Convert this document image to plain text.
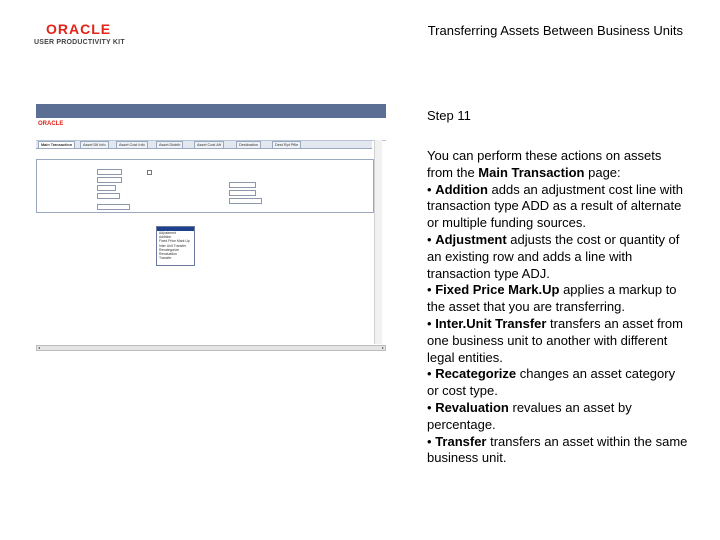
ORACLE
USER PRODUCTIVITY KIT
Transferring Assets Between Business Units
ORACLE
Main Transaction	Asset Dtl Info	Asset Cost Info	Asset Distrib	Asset Cost Aft	Destination	Dest Rpt Pfile
Adjustment
Addition
Fixed Price Mark Up
Inter Unit Transfer
Recategorize
Revaluation
Transfer
◂	▸
Step 11

You can perform these actions on assets from the Main Transaction page:

• Addition adds an adjustment cost line with transaction type ADD as a result of alternate or multiple funding sources.

• Adjustment adjusts the cost or quantity of an existing row and adds a line with transaction type ADJ.

• Fixed Price Mark.Up applies a markup to the asset that you are transferring.

• Inter.Unit Transfer transfers an asset from one business unit to another with different legal entities.

• Recategorize changes an asset category or cost type.

• Revaluation revalues an asset by percentage.

• Transfer transfers an asset within the same business unit.
